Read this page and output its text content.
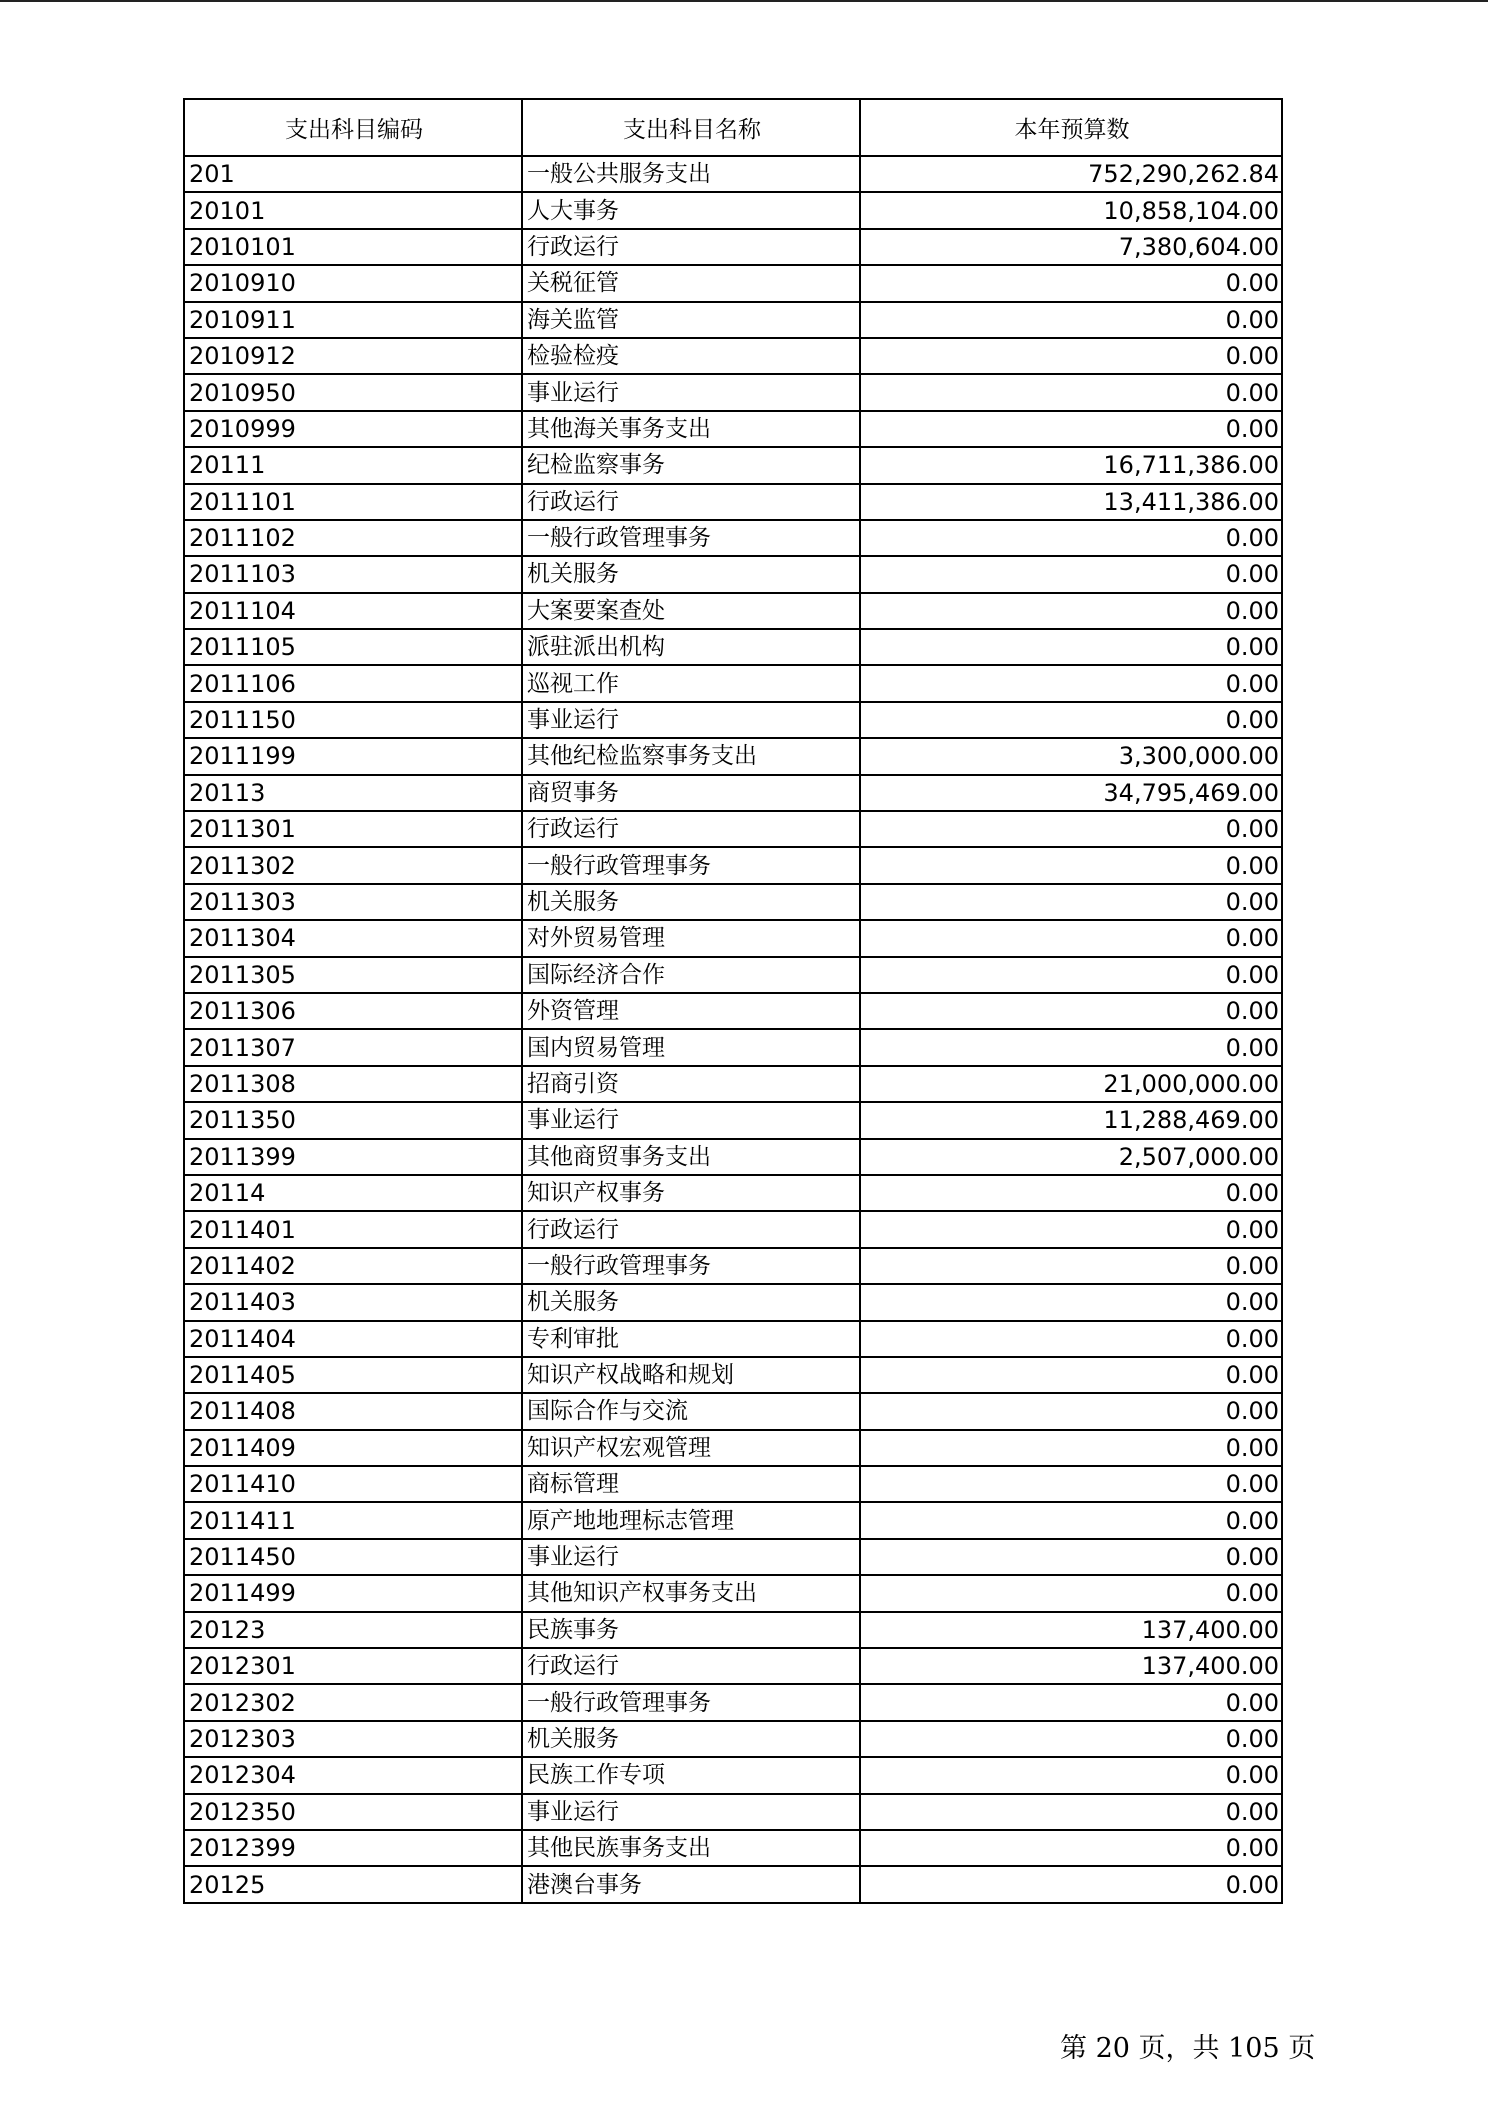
支出科目编码	支出科目名称	本年预算数
201	一般公共服务支出	752,290,262.84
20101	人大事务	10,858,104.00
2010101	行政运行	7,380,604.00
2010910	关税征管	0.00
2010911	海关监管	0.00
2010912	检验检疫	0.00
2010950	事业运行	0.00
2010999	其他海关事务支出	0.00
20111	纪检监察事务	16,711,386.00
2011101	行政运行	13,411,386.00
2011102	一般行政管理事务	0.00
2011103	机关服务	0.00
2011104	大案要案查处	0.00
2011105	派驻派出机构	0.00
2011106	巡视工作	0.00
2011150	事业运行	0.00
2011199	其他纪检监察事务支出	3,300,000.00
20113	商贸事务	34,795,469.00
2011301	行政运行	0.00
2011302	一般行政管理事务	0.00
2011303	机关服务	0.00
2011304	对外贸易管理	0.00
2011305	国际经济合作	0.00
2011306	外资管理	0.00
2011307	国内贸易管理	0.00
2011308	招商引资	21,000,000.00
2011350	事业运行	11,288,469.00
2011399	其他商贸事务支出	2,507,000.00
20114	知识产权事务	0.00
2011401	行政运行	0.00
2011402	一般行政管理事务	0.00
2011403	机关服务	0.00
2011404	专利审批	0.00
2011405	知识产权战略和规划	0.00
2011408	国际合作与交流	0.00
2011409	知识产权宏观管理	0.00
2011410	商标管理	0.00
2011411	原产地地理标志管理	0.00
2011450	事业运行	0.00
2011499	其他知识产权事务支出	0.00
20123	民族事务	137,400.00
2012301	行政运行	137,400.00
2012302	一般行政管理事务	0.00
2012303	机关服务	0.00
2012304	民族工作专项	0.00
2012350	事业运行	0.00
2012399	其他民族事务支出	0.00
20125	港澳台事务	0.00
第 20 页，共 105 页
